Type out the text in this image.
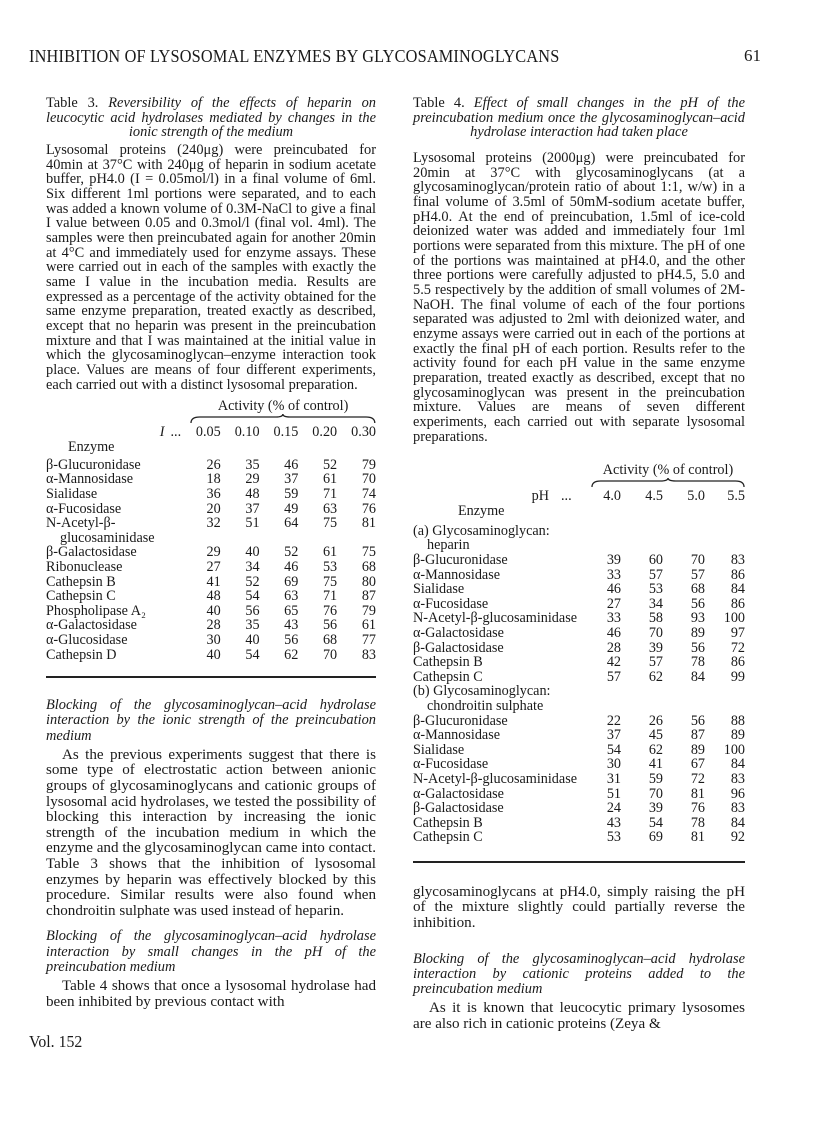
INHIBITION OF LYSOSOMAL ENZYMES BY GLYCOSAMINOGLYCANS	61
Table 3. Reversibility of the effects of heparin on leucocytic acid hydrolases mediated by changes in the ionic strength of the medium

Lysosomal proteins (240μg) were preincubated for 40min at 37°C with 240μg of heparin in sodium acetate buffer, pH4.0 (I = 0.05mol/l) in a final volume of 6ml. Six different 1ml portions were separated, and to each was added a known volume of 0.3M-NaCl to give a final I value between 0.05 and 0.3mol/l (final vol. 4ml). The samples were then preincubated again for another 20min at 4°C and immediately used for enzyme assays. These were carried out in each of the samples with exactly the same I value in the incubation media. Results are expressed as a percentage of the activity obtained for the same enzyme preparation, treated exactly as described, except that no heparin was present in the preincubation mixture and that I was maintained at the initial value in which the glycosaminoglycan–enzyme interaction took place. Values are means of four different experiments, each carried out with a distinct lysosomal preparation.

		Activity (% of control)				

I	...	0.05	0.10	0.15	0.20	0.30
Enzyme						
β-Glucuronidase		26	35	46	52	79
α-Mannosidase		18	29	37	61	70
Sialidase		36	48	59	71	74
α-Fucosidase		20	37	49	63	76
N-Acetyl-β-		32	51	64	75	81
glucosaminidase						
β-Galactosidase		29	40	52	61	75
Ribonuclease		27	34	46	53	68
Cathepsin B		41	52	69	75	80
Cathepsin C		48	54	63	71	87
Phospholipase A₂		40	56	65	76	79
α-Galactosidase		28	35	43	56	61
α-Glucosidase		30	40	56	68	77
Cathepsin D		40	54	62	70	83

Blocking of the glycosaminoglycan–acid hydrolase interaction by the ionic strength of the preincubation medium

As the previous experiments suggest that there is some type of electrostatic action between anionic groups of glycosaminoglycans and cationic groups of lysosomal acid hydrolases, we tested the possibility of blocking this interaction by increasing the ionic strength of the incubation medium in which the enzyme and the glycosaminoglycan came into contact. Table 3 shows that the inhibition of lysosomal enzymes by heparin was effectively blocked by this procedure. Similar results were also found when chondroitin sulphate was used instead of heparin.

Blocking of the glycosaminoglycan–acid hydrolase interaction by small changes in the pH of the preincubation medium

Table 4 shows that once a lysosomal hydrolase had been inhibited by previous contact with

Table 4. Effect of small changes in the pH of the preincubation medium once the glycosaminoglycan–acid hydrolase interaction had taken place

Lysosomal proteins (2000μg) were preincubated for 20min at 37°C with glycosaminoglycans (at a glycosaminoglycan/protein ratio of about 1:1, w/w) in a final volume of 3.5ml of 50mM-sodium acetate buffer, pH4.0. At the end of preincubation, 1.5ml of ice-cold deionized water was added and immediately four 1ml portions were separated from this mixture. The pH of one of the portions was maintained at pH4.0, and the other three portions were carefully adjusted to pH4.5, 5.0 and 5.5 respectively by the addition of small volumes of 2M-NaOH. The final volume of each of the four portions separated was adjusted to 2ml with deionized water, and enzyme assays were carried out in each of the portions at exactly the final pH of each portion. Results refer to the activity found for each pH value in the same enzyme preparation, treated exactly as described, except that no glycosaminoglycan was present in the preincubation mixture. Values are means of seven different experiments, each carried out with separate lysosomal preparations.

		Activity (% of control)			

pH	...	4.0	4.5	5.0	5.5
Enzyme					
(a) Glycosaminoglycan:					
heparin					
β-Glucuronidase		39	60	70	83
α-Mannosidase		33	57	57	86
Sialidase		46	53	68	84
α-Fucosidase		27	34	56	86
N-Acetyl-β-glucosaminidase		33	58	93	100
α-Galactosidase		46	70	89	97
β-Galactosidase		28	39	56	72
Cathepsin B		42	57	78	86
Cathepsin C		57	62	84	99
(b) Glycosaminoglycan:					
chondroitin sulphate					
β-Glucuronidase		22	26	56	88
α-Mannosidase		37	45	87	89
Sialidase		54	62	89	100
α-Fucosidase		30	41	67	84
N-Acetyl-β-glucosaminidase		31	59	72	83
α-Galactosidase		51	70	81	96
β-Galactosidase		24	39	76	83
Cathepsin B		43	54	78	84
Cathepsin C		53	69	81	92

glycosaminoglycans at pH4.0, simply raising the pH of the mixture slightly could partially reverse the inhibition.

Blocking of the glycosaminoglycan–acid hydrolase interaction by cationic proteins added to the preincubation medium

As it is known that leucocytic primary lysosomes are also rich in cationic proteins (Zeya &

Vol. 152
